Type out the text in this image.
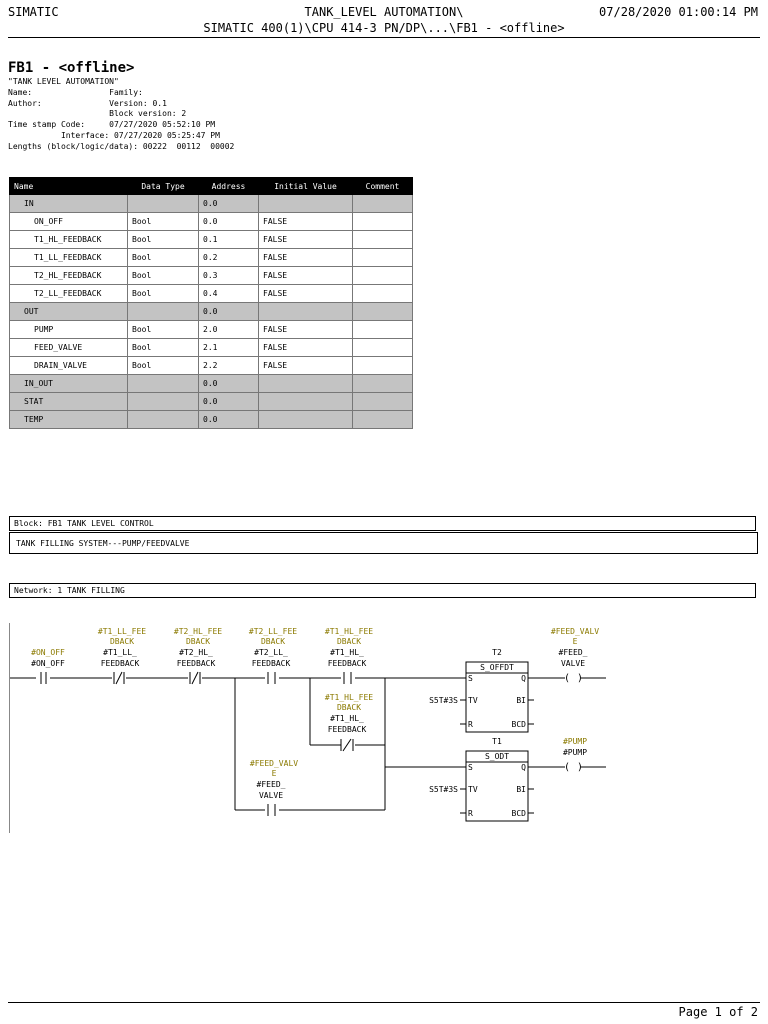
SIMATIC	TANK_LEVEL AUTOMATION\	07/28/2020 01:00:14 PM
SIMATIC 400(1)\CPU 414-3 PN/DP\...\FB1 - <offline>
FB1 - <offline>
"TANK LEVEL AUTOMATION"
Name:                Family:
Author:              Version: 0.1
Block version: 2
Time stamp Code:     07/27/2020 05:52:10 PM
Interface: 07/27/2020 05:25:47 PM
Lengths (block/logic/data): 00222  00112  00002
Name	Data Type	Address	Initial Value	Comment
IN		0.0		
ON_OFF	Bool	0.0	FALSE	
T1_HL_FEEDBACK	Bool	0.1	FALSE	
T1_LL_FEEDBACK	Bool	0.2	FALSE	
T2_HL_FEEDBACK	Bool	0.3	FALSE	
T2_LL_FEEDBACK	Bool	0.4	FALSE	
OUT		0.0		
PUMP	Bool	2.0	FALSE	
FEED_VALVE	Bool	2.1	FALSE	
DRAIN_VALVE	Bool	2.2	FALSE	
IN_OUT		0.0		
STAT		0.0		
TEMP		0.0		
Block: FB1 TANK LEVEL CONTROL
TANK FILLING SYSTEM---PUMP/FEEDVALVE
Network: 1 TANK FILLING
( )
( )
#ON_OFF
#ON_OFF
#T1_LL_FEE
DBACK
#T1_LL_
FEEDBACK
#T2_HL_FEE
DBACK
#T2_HL_
FEEDBACK
#T2_LL_FEE
DBACK
#T2_LL_
FEEDBACK
#T1_HL_FEE
DBACK
#T1_HL_
FEEDBACK
#T1_HL_FEE
DBACK
#T1_HL_
FEEDBACK
#FEED_VALV
E
#FEED_
VALVE
T2
S_OFFDT
S
TV
R
Q
BI
BCD
S5T#3S
T1
S_ODT
S
TV
R
Q
BI
BCD
S5T#3S
#FEED_VALV
E
#FEED_
VALVE
#PUMP
#PUMP
Page 1 of 2
